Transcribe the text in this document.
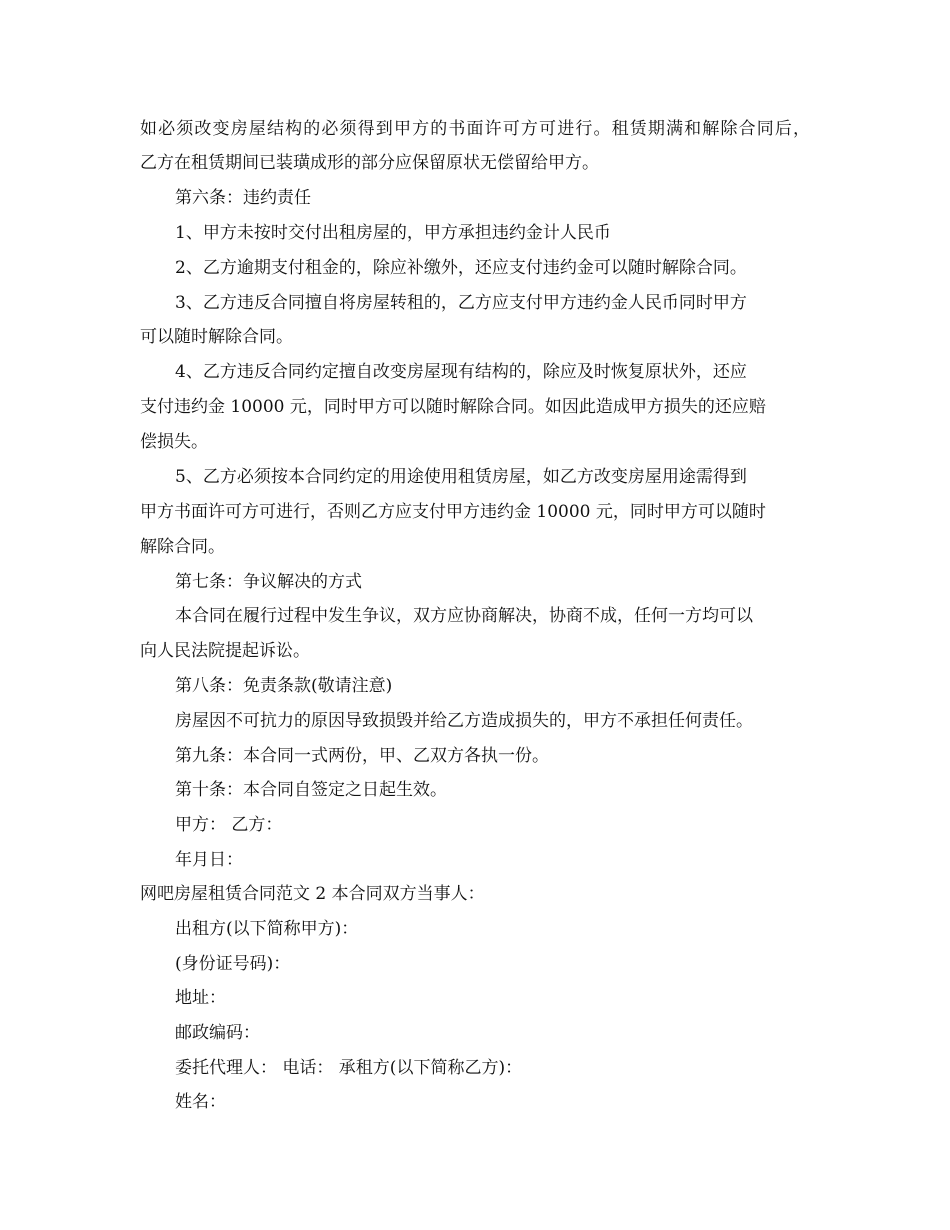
如必须改变房屋结构的必须得到甲方的书面许可方可进行。租赁期满和解除合同后，
乙方在租赁期间已装璜成形的部分应保留原状无偿留给甲方。
第六条：违约责任
1、甲方未按时交付出租房屋的，甲方承担违约金计人民币
2、乙方逾期支付租金的，除应补缴外，还应支付违约金可以随时解除合同。
3、乙方违反合同擅自将房屋转租的，乙方应支付甲方违约金人民币同时甲方
可以随时解除合同。
4、乙方违反合同约定擅自改变房屋现有结构的，除应及时恢复原状外，还应
支付违约金 10000 元，同时甲方可以随时解除合同。如因此造成甲方损失的还应赔
偿损失。
5、乙方必须按本合同约定的用途使用租赁房屋，如乙方改变房屋用途需得到
甲方书面许可方可进行，否则乙方应支付甲方违约金 10000 元，同时甲方可以随时
解除合同。
第七条：争议解决的方式
本合同在履行过程中发生争议，双方应协商解决，协商不成，任何一方均可以
向人民法院提起诉讼。
第八条：免责条款(敬请注意)
房屋因不可抗力的原因导致损毁并给乙方造成损失的，甲方不承担任何责任。
第九条：本合同一式两份，甲、乙双方各执一份。
第十条：本合同自签定之日起生效。
甲方： 乙方：
年月日：
网吧房屋租赁合同范文 2 本合同双方当事人：
出租方(以下简称甲方)：
(身份证号码)：
地址：
邮政编码：
委托代理人： 电话： 承租方(以下简称乙方)：
姓名：
